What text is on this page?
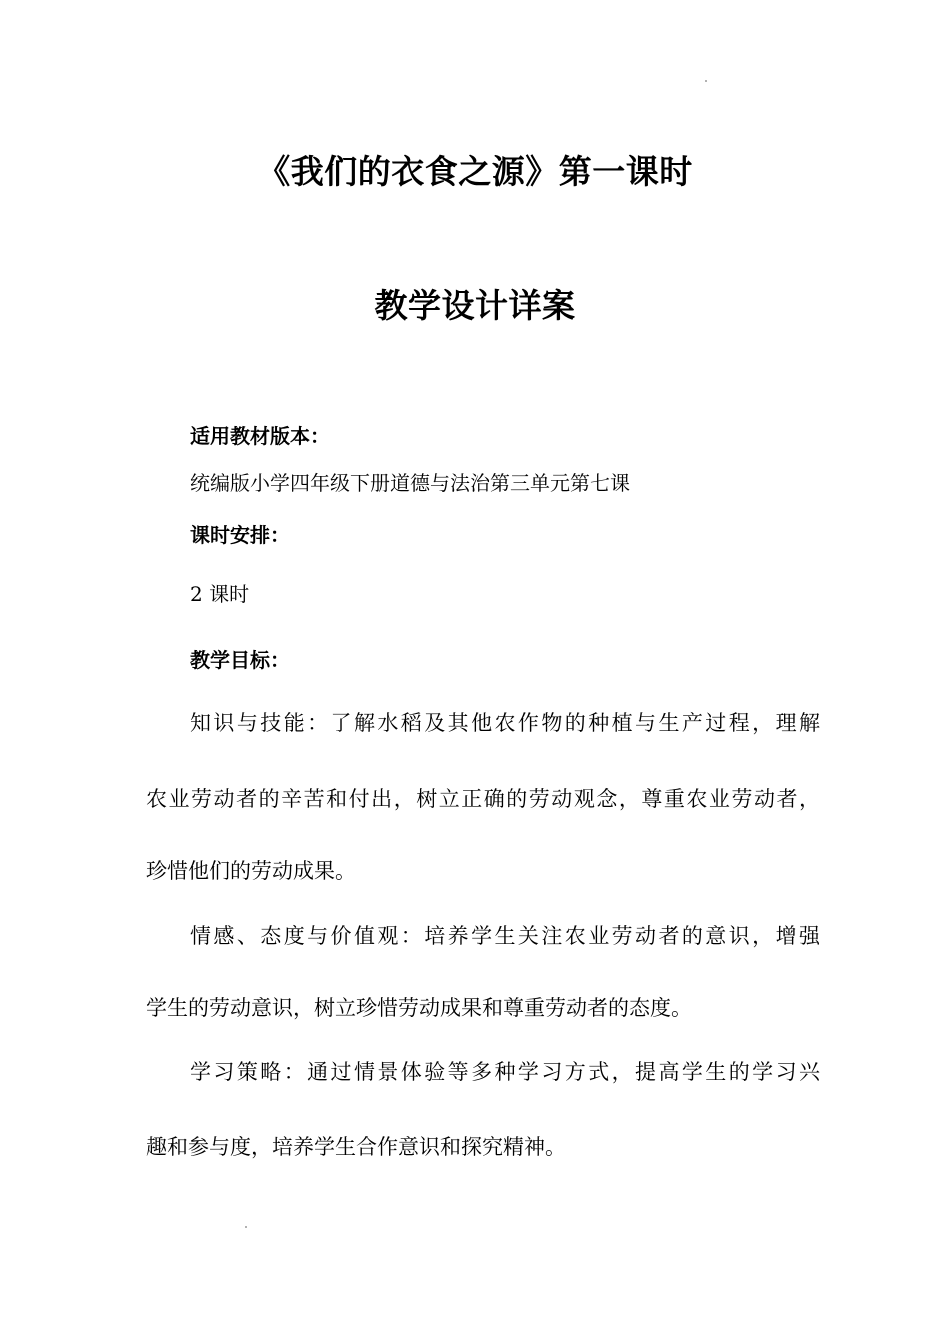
《我们的衣食之源》第一课时
教学设计详案
适用教材版本：
统编版小学四年级下册道德与法治第三单元第七课
课时安排：
2 课时
教学目标：
知识与技能：了解水稻及其他农作物的种植与生产过程，理解
农业劳动者的辛苦和付出，树立正确的劳动观念，尊重农业劳动者，
珍惜他们的劳动成果。
情感、态度与价值观：培养学生关注农业劳动者的意识，增强
学生的劳动意识，树立珍惜劳动成果和尊重劳动者的态度。
学习策略：通过情景体验等多种学习方式，提高学生的学习兴
趣和参与度，培养学生合作意识和探究精神。
